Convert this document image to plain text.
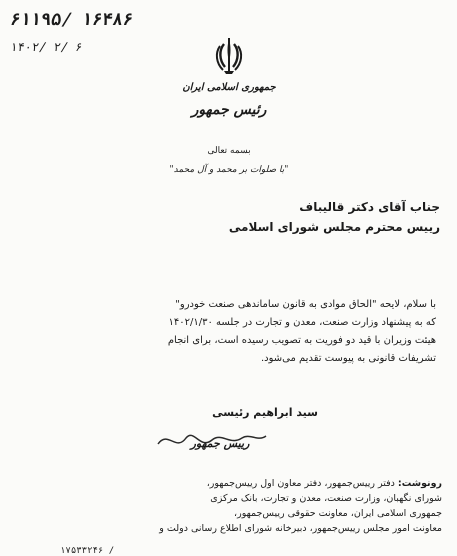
۶۱۱۹۵/ ۱۶۴۸۶
۱۴۰۲/ ۲/ ۶
جمهوری اسلامی ایران
رئیس جمهور
بسمه تعالی
"با صلوات بر محمد و آل محمد"
جناب آقای دکتر قالیباف
رییس محترم مجلس شورای اسلامی
با سلام، لایحه "الحاق موادی به قانون ساماندهی صنعت خودرو"
که به پیشنهاد وزارت صنعت، معدن و تجارت در جلسه ۱۴۰۲/۱/۳۰
هیئت وزیران با قید دو فوریت به تصویب رسیده است، برای انجام
تشریفات قانونی به پیوست تقدیم می‌شود.
سید ابراهیم رئیسی
رییس جمهور
رونوشت: دفتر رییس‌جمهور، دفتر معاون اول رییس‌جمهور،
شورای نگهبان، وزارت صنعت، معدن و تجارت، بانک مرکزی
جمهوری اسلامی ایران، معاونت حقوقی رییس‌جمهور،
معاونت امور مجلس رییس‌جمهور، دبیرخانه شورای اطلاع رسانی دولت و
۱۷۵۳۳۲۴۶ /
